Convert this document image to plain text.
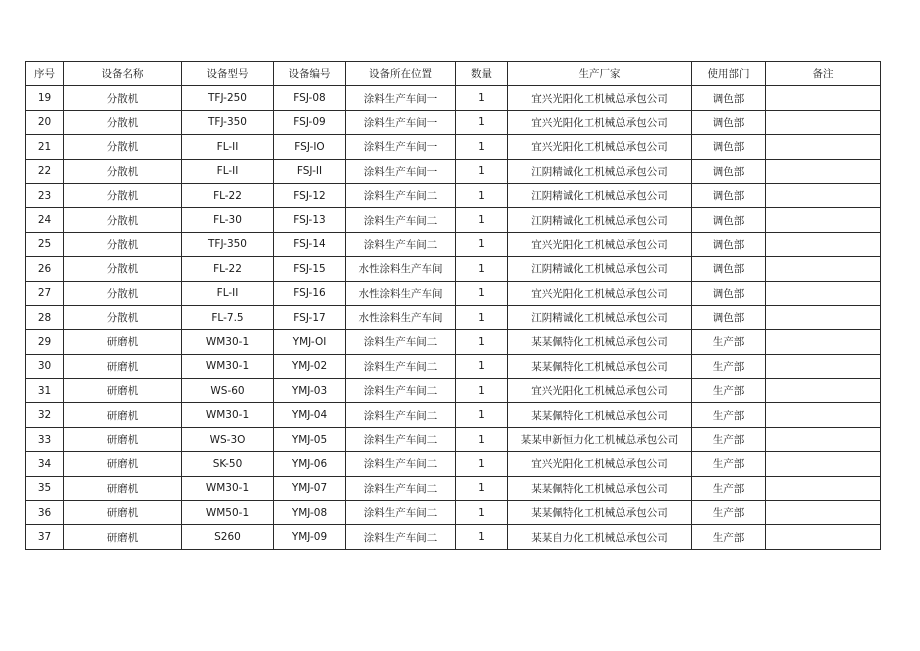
序号	设备名称	设备型号	设备编号	设备所在位置	数量	生产厂家	使用部门	备注
19	分散机	TFJ-250	FSJ-08	涂料生产车间一	1	宜兴光阳化工机械总承包公司	调色部	
20	分散机	TFJ-350	FSJ-09	涂料生产车间一	1	宜兴光阳化工机械总承包公司	调色部	
21	分散机	FL-II	FSJ-IO	涂料生产车间一	1	宜兴光阳化工机械总承包公司	调色部	
22	分散机	FL-II	FSJ-II	涂料生产车间一	1	江阴精诚化工机械总承包公司	调色部	
23	分散机	FL-22	FSJ-12	涂料生产车间二	1	江阴精诚化工机械总承包公司	调色部	
24	分散机	FL-30	FSJ-13	涂料生产车间二	1	江阴精诚化工机械总承包公司	调色部	
25	分散机	TFJ-350	FSJ-14	涂料生产车间二	1	宜兴光阳化工机械总承包公司	调色部	
26	分散机	FL-22	FSJ-15	水性涂料生产车间	1	江阴精诚化工机械总承包公司	调色部	
27	分散机	FL-II	FSJ-16	水性涂料生产车间	1	宜兴光阳化工机械总承包公司	调色部	
28	分散机	FL-7.5	FSJ-17	水性涂料生产车间	1	江阴精诚化工机械总承包公司	调色部	
29	研磨机	WM30-1	YMJ-OI	涂料生产车间二	1	某某佩特化工机械总承包公司	生产部	
30	研磨机	WM30-1	YMJ-02	涂料生产车间二	1	某某佩特化工机械总承包公司	生产部	
31	研磨机	WS-60	YMJ-03	涂料生产车间二	1	宜兴光阳化工机械总承包公司	生产部	
32	研磨机	WM30-1	YMJ-04	涂料生产车间二	1	某某佩特化工机械总承包公司	生产部	
33	研磨机	WS-3O	YMJ-05	涂料生产车间二	1	某某申新恒力化工机械总承包公司	生产部	
34	研磨机	SK-50	YMJ-06	涂料生产车间二	1	宜兴光阳化工机械总承包公司	生产部	
35	研磨机	WM30-1	YMJ-07	涂料生产车间二	1	某某佩特化工机械总承包公司	生产部	
36	研磨机	WM50-1	YMJ-08	涂料生产车间二	1	某某佩特化工机械总承包公司	生产部	
37	研磨机	S260	YMJ-09	涂料生产车间二	1	某某自力化工机械总承包公司	生产部	
